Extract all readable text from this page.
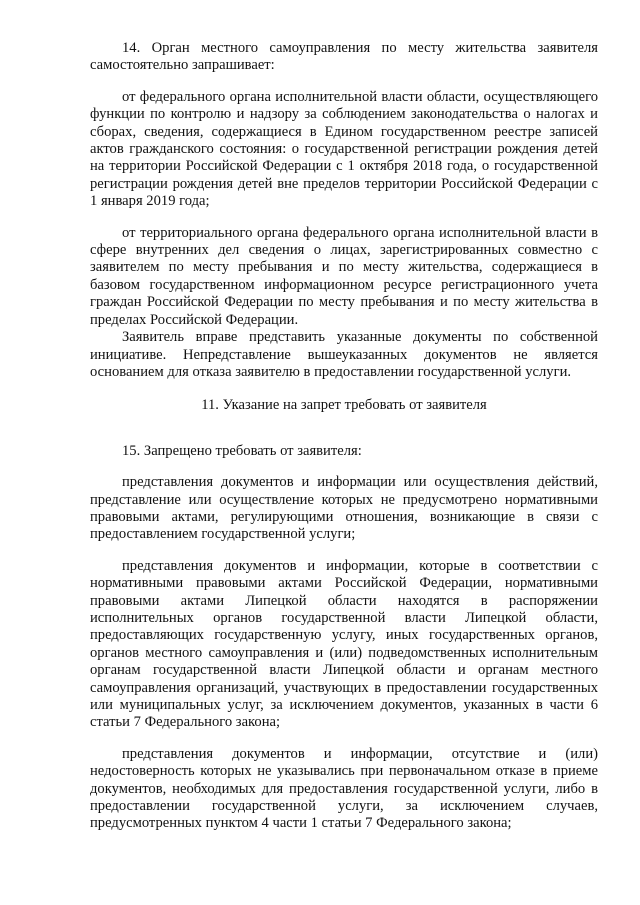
14. Орган местного самоуправления по месту жительства заявителя самостоятельно запрашивает:

от федерального органа исполнительной власти области, осуществляющего функции по контролю и надзору за соблюдением законодательства о налогах и сборах, сведения, содержащиеся в Едином государственном реестре записей актов гражданского состояния: о государственной регистрации рождения детей на территории Российской Федерации с 1 октября 2018 года, о государственной регистрации рождения детей вне пределов территории Российской Федерации с 1 января 2019 года;

от территориального органа федерального органа исполнительной власти в сфере внутренних дел сведения о лицах, зарегистрированных совместно с заявителем по месту пребывания и по месту жительства, содержащиеся в базовом государственном информационном ресурсе регистрационного учета граждан Российской Федерации по месту пребывания и по месту жительства в пределах Российской Федерации.

Заявитель вправе представить указанные документы по собственной инициативе. Непредставление вышеуказанных документов не является основанием для отказа заявителю в предоставлении государственной услуги.

11. Указание на запрет требовать от заявителя

15. Запрещено требовать от заявителя:

представления документов и информации или осуществления действий, представление или осуществление которых не предусмотрено нормативными правовыми актами, регулирующими отношения, возникающие в связи с предоставлением государственной услуги;

представления документов и информации, которые в соответствии с нормативными правовыми актами Российской Федерации, нормативными правовыми актами Липецкой области находятся в распоряжении исполнительных органов государственной власти Липецкой области, предоставляющих государственную услугу, иных государственных органов, органов местного самоуправления и (или) подведомственных исполнительным органам государственной власти Липецкой области и органам местного самоуправления организаций, участвующих в предоставлении государственных или муниципальных услуг, за исключением документов, указанных в части 6 статьи 7 Федерального закона;

представления документов и информации, отсутствие и (или) недостоверность которых не указывались при первоначальном отказе в приеме документов, необходимых для предоставления государственной услуги, либо в предоставлении государственной услуги, за исключением случаев, предусмотренных пунктом 4 части 1 статьи 7 Федерального закона;
